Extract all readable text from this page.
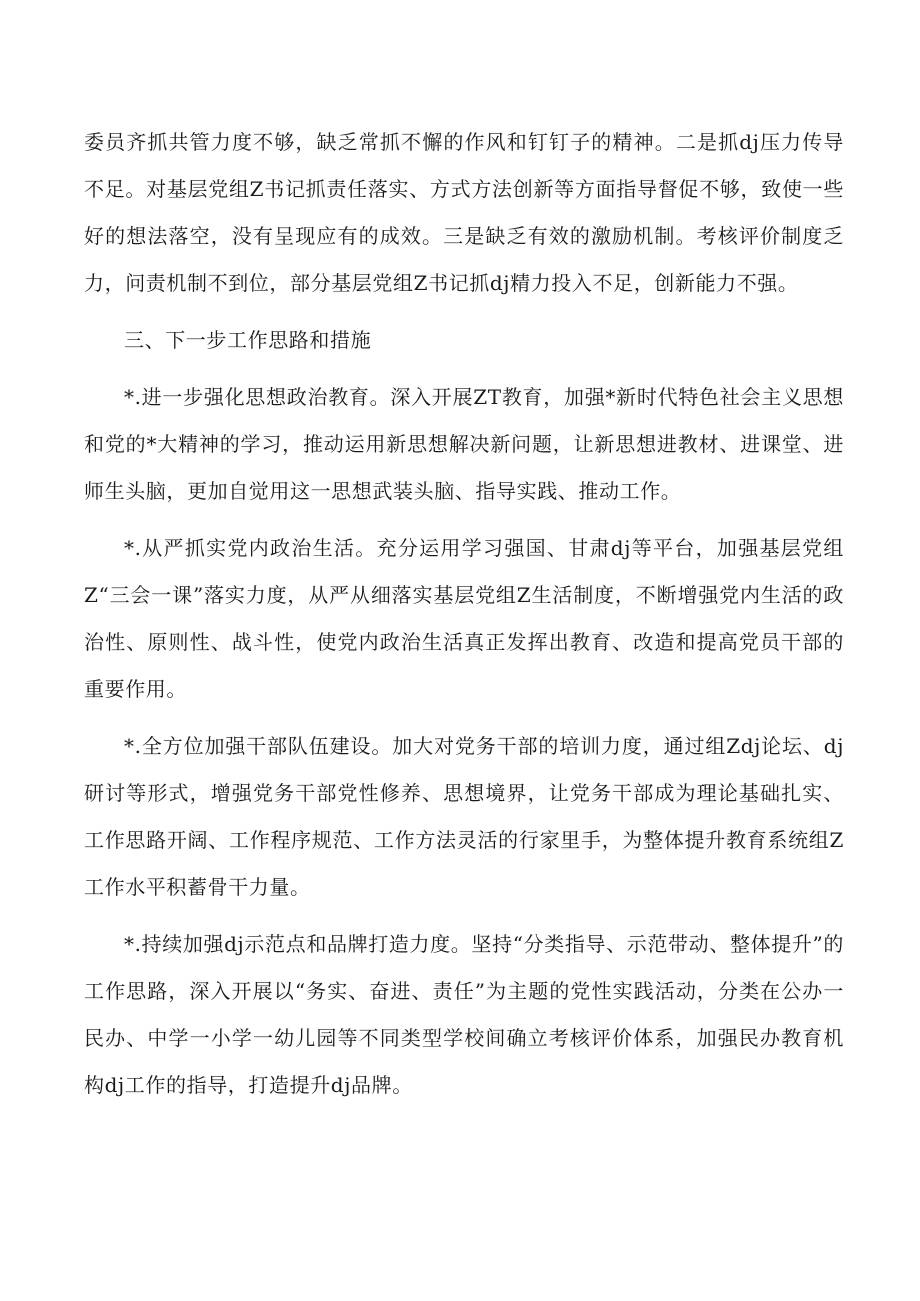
委员齐抓共管力度不够，缺乏常抓不懈的作风和钉钉子的精神。二是抓dj压力传导不足。对基层党组Z书记抓责任落实、方式方法创新等方面指导督促不够，致使一些好的想法落空，没有呈现应有的成效。三是缺乏有效的激励机制。考核评价制度乏力，问责机制不到位，部分基层党组Z书记抓dj精力投入不足，创新能力不强。

三、下一步工作思路和措施

*.进一步强化思想政治教育。深入开展ZT教育，加强*新时代特色社会主义思想和党的*大精神的学习，推动运用新思想解决新问题，让新思想进教材、进课堂、进师生头脑，更加自觉用这一思想武装头脑、指导实践、推动工作。

*.从严抓实党内政治生活。充分运用学习强国、甘肃dj等平台，加强基层党组Z“三会一课”落实力度，从严从细落实基层党组Z生活制度，不断增强党内生活的政治性、原则性、战斗性，使党内政治生活真正发挥出教育、改造和提高党员干部的重要作用。

*.全方位加强干部队伍建设。加大对党务干部的培训力度，通过组Zdj论坛、dj研讨等形式，增强党务干部党性修养、思想境界，让党务干部成为理论基础扎实、工作思路开阔、工作程序规范、工作方法灵活的行家里手，为整体提升教育系统组Z工作水平积蓄骨干力量。

*.持续加强dj示范点和品牌打造力度。坚持“分类指导、示范带动、整体提升”的工作思路，深入开展以“务实、奋进、责任”为主题的党性实践活动，分类在公办一民办、中学一小学一幼儿园等不同类型学校间确立考核评价体系，加强民办教育机构dj工作的指导，打造提升dj品牌。
